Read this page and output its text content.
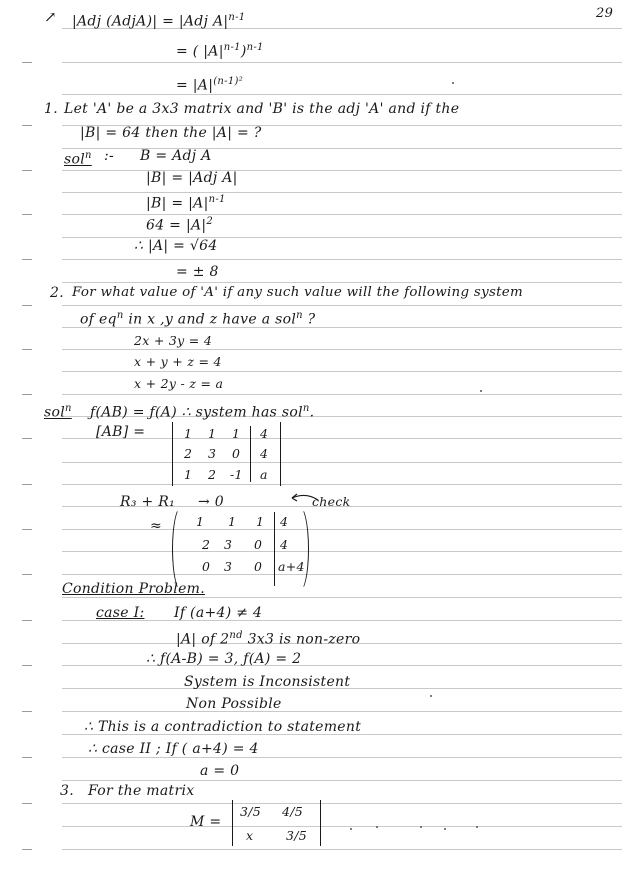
29
↗ |Adj (AdjA)| = |Adj $A|^{n-1}$
= ( $|A|^{n-1})^{n-1}$
= $|A|^{(n-1)^2}$
1. Let 'A' be a 3x3 matrix and 'B' is the adj 'A' and if the
|B| = 64 then the |A| = ?
sol$^n$ :- B = Adj A
|B| = |Adj A|
$|B| = |A|^{n-1}$
$64 = |A|^2$
∴ |A| = √64
= ± 8
2. For what value of 'A' if any such value will the following system
of $eq^n$ in x ,y and z have a sol$^n$ ?
2x + 3y = 4
x + y + z = 4
x + 2y - z = a
sol$^n$ ƒ(AB) = ƒ(A) ∴ system has sol$^n$.
[AB] =	1 1 1 4
2 3 0 4
1 2 -1 a
R₃ + R₁ → 0	check
≈	1 1 1 4
2 3 0 4
0 3 0 a+4
Condition Problem.
case I: If (a+4) ≠ 4
|A| of 2nd 3x3 is non-zero
∴ ƒ(A-B) = 3, ƒ(A) = 2
System is Inconsistent
Non Possible
∴ This is a contradiction to statement
∴ case II ; If ( a+4) = 4
a = 0
3. For the matrix
M =
3/5 4/5
x	3/5
